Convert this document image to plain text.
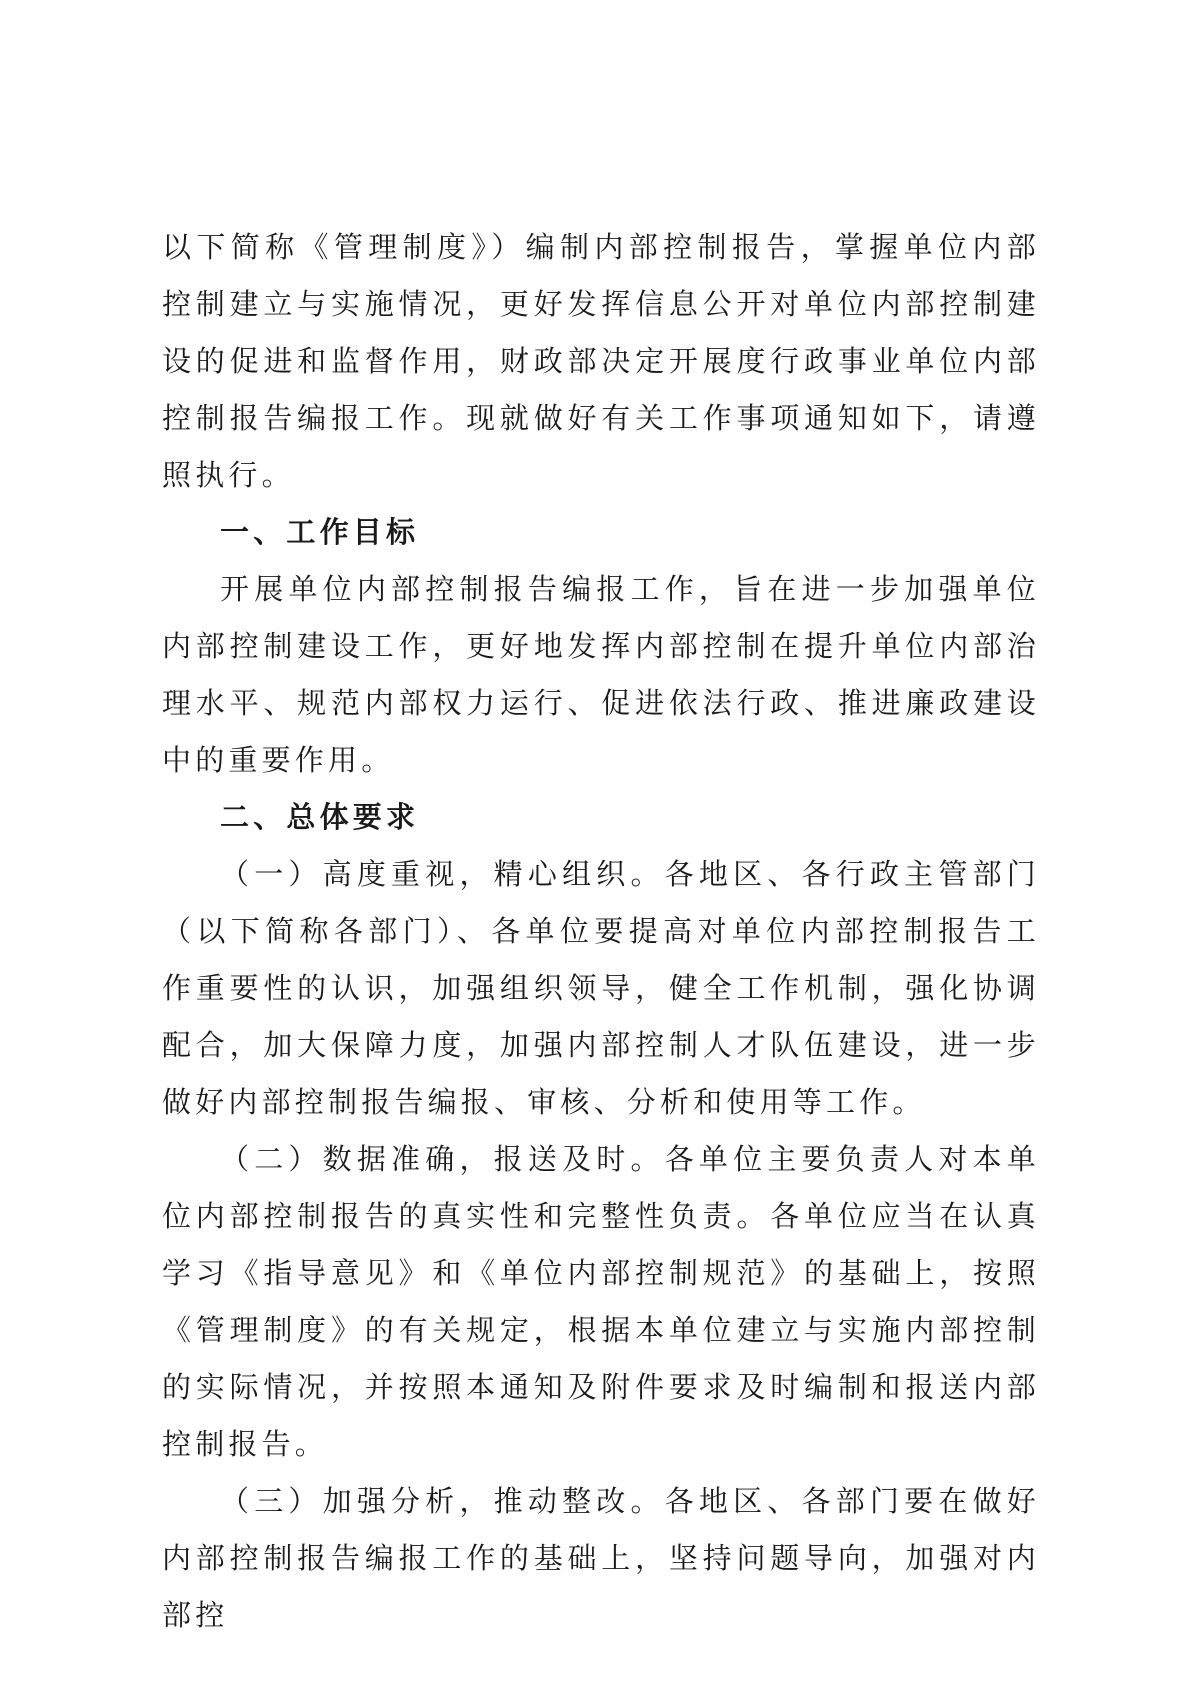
以下简称《管理制度》）编制内部控制报告，掌握单位内部控制建立与实施情况，更好发挥信息公开对单位内部控制建设的促进和监督作用，财政部决定开展度行政事业单位内部控制报告编报工作。现就做好有关工作事项通知如下，请遵照执行。

一、工作目标

开展单位内部控制报告编报工作，旨在进一步加强单位内部控制建设工作，更好地发挥内部控制在提升单位内部治理水平、规范内部权力运行、促进依法行政、推进廉政建设中的重要作用。

二、总体要求

（一）高度重视，精心组织。各地区、各行政主管部门（以下简称各部门）、各单位要提高对单位内部控制报告工作重要性的认识，加强组织领导，健全工作机制，强化协调配合，加大保障力度，加强内部控制人才队伍建设，进一步做好内部控制报告编报、审核、分析和使用等工作。

（二）数据准确，报送及时。各单位主要负责人对本单位内部控制报告的真实性和完整性负责。各单位应当在认真学习《指导意见》和《单位内部控制规范》的基础上，按照《管理制度》的有关规定，根据本单位建立与实施内部控制的实际情况，并按照本通知及附件要求及时编制和报送内部控制报告。

（三）加强分析，推动整改。各地区、各部门要在做好内部控制报告编报工作的基础上，坚持问题导向，加强对内部控
